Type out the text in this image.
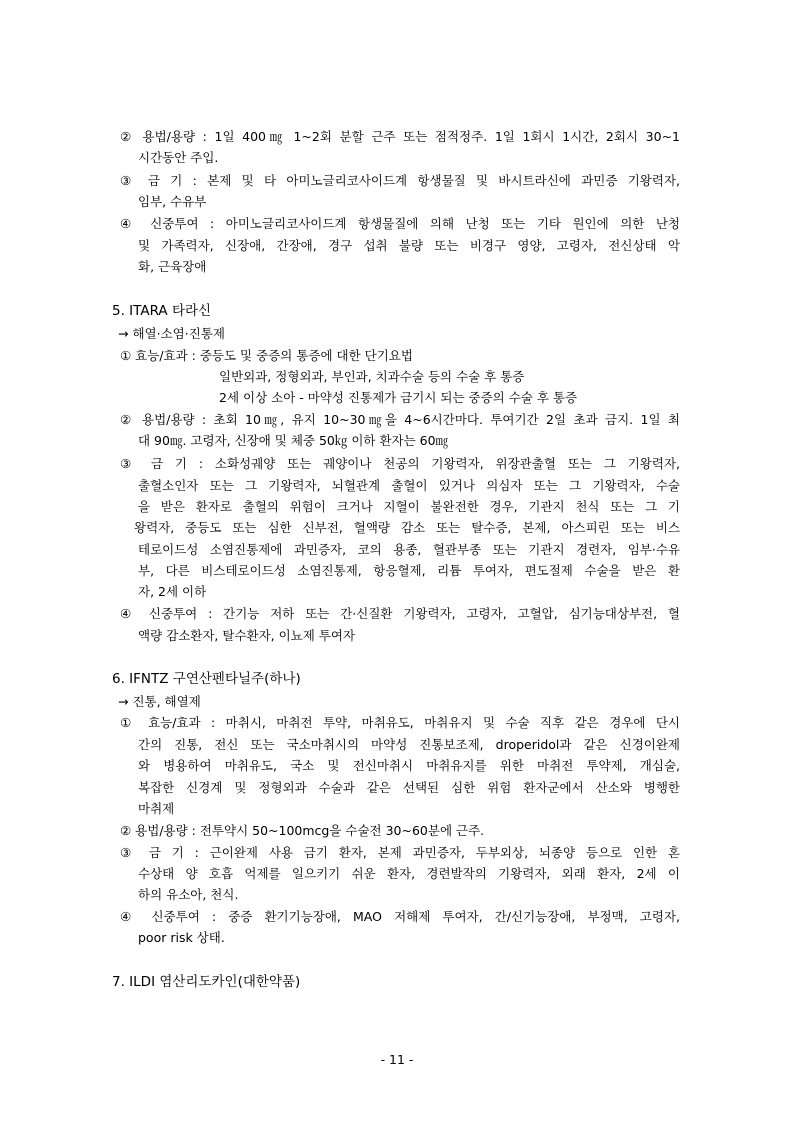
② 용법/용량 : 1일 400㎎ 1~2회 분할 근주 또는 점적정주. 1일 1회시 1시간, 2회시 30~1
시간동안 주입.
③ 금 기 : 본제 및 타 아미노글리코사이드계 항생물질 및 바시트라신에 과민증 기왕력자,
임부, 수유부
④ 신중투여 : 아미노글리코사이드계 항생물질에 의해 난청 또는 기타 원인에 의한 난청
및 가족력자, 신장애, 간장애, 경구 섭취 불량 또는 비경구 영양, 고령자, 전신상태 악
화, 근육장애
5. ITARA 타라신
→ 해열·소염·진통제
① 효능/효과 : 중등도 및 중증의 통증에 대한 단기요법
일반외과, 정형외과, 부인과, 치과수술 등의 수술 후 통증
2세 이상 소아 - 마약성 진통제가 금기시 되는 중증의 수술 후 통증
② 용법/용량 : 초회 10㎎, 유지 10~30㎎을 4~6시간마다. 투여기간 2일 초과 금지. 1일 최
대 90㎎. 고령자, 신장애 및 체중 50㎏ 이하 환자는 60㎎
③ 금 기 : 소화성궤양 또는 궤양이나 천공의 기왕력자, 위장관출혈 또는 그 기왕력자,
출혈소인자 또는 그 기왕력자, 뇌혈관계 출혈이 있거나 의심자 또는 그 기왕력자, 수술
을 받은 환자로 출혈의 위험이 크거나 지혈이 불완전한 경우, 기관지 천식 또는 그 기
왕력자, 중등도 또는 심한 신부전, 혈액량 감소 또는 탈수증, 본제, 아스피린 또는 비스
테로이드성 소염진통제에 과민증자, 코의 용종, 혈관부종 또는 기관지 경련자, 임부·수유
부, 다른 비스테로이드성 소염진통제, 항응혈제, 리튬 투여자, 편도절제 수술을 받은 환
자, 2세 이하
④ 신중투여 : 간기능 저하 또는 간·신질환 기왕력자, 고령자, 고혈압, 심기능대상부전, 혈
액량 감소환자, 탈수환자, 이뇨제 투여자
6. IFNTZ 구연산펜타닐주(하나)
→ 진통, 해열제
① 효능/효과 : 마취시, 마취전 투약, 마취유도, 마취유지 및 수술 직후 같은 경우에 단시
간의 진통, 전신 또는 국소마취시의 마약성 진통보조제, droperidol과 같은 신경이완제
와 병용하여 마취유도, 국소 및 전신마취시 마취유지를 위한 마취전 투약제, 개심술,
복잡한 신경계 및 정형외과 수술과 같은 선택된 심한 위험 환자군에서 산소와 병행한
마취제
② 용법/용량 : 전투약시 50~100mcg을 수술전 30~60분에 근주.
③ 금 기 : 근이완제 사용 금기 환자, 본제 과민증자, 두부외상, 뇌종양 등으로 인한 혼
수상태 양 호흡 억제를 일으키기 쉬운 환자, 경련발작의 기왕력자, 외래 환자, 2세 이
하의 유소아, 천식.
④ 신중투여 : 중증 환기기능장애, MAO 저해제 투여자, 간/신기능장애, 부정맥, 고령자,
poor risk 상태.
7. ILDI 염산리도카인(대한약품)
- 11 -
